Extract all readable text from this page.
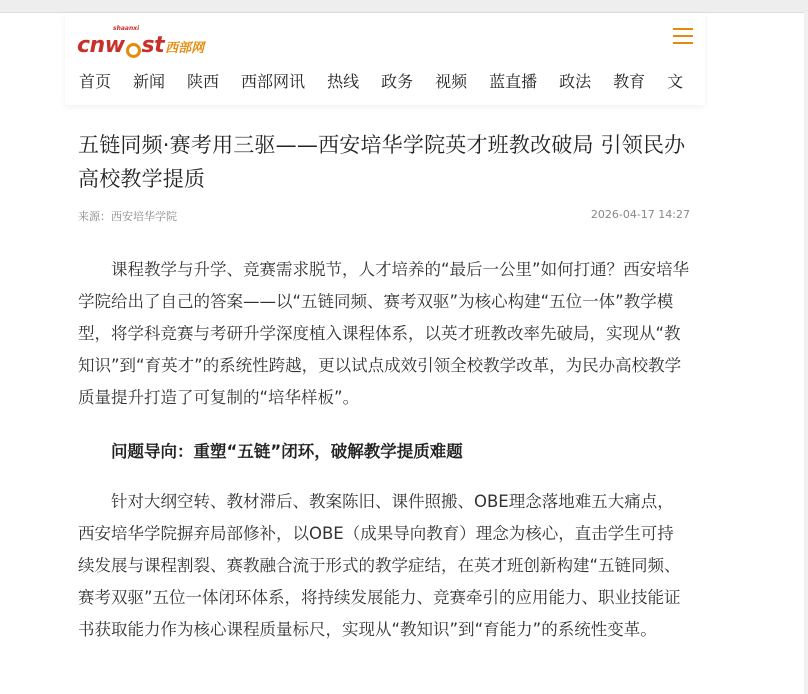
shaanxi
cnw st 西部网
首页 新闻 陕西 西部网讯 热线 政务 视频 蓝直播 政法 教育 文
五链同频·赛考用三驱——西安培华学院英才班教改破局 引领民办高校教学提质
来源：西安培华学院	2026-04-17 14:27

课程教学与升学、竞赛需求脱节，人才培养的“最后一公里”如何打通？西安培华学院给出了自己的答案——以“五链同频、赛考双驱”为核心构建“五位一体”教学模型，将学科竞赛与考研升学深度植入课程体系，以英才班教改率先破局，实现从“教知识”到“育英才”的系统性跨越，更以试点成效引领全校教学改革，为民办高校教学质量提升打造了可复制的“培华样板”。

问题导向：重塑“五链”闭环，破解教学提质难题

针对大纲空转、教材滞后、教案陈旧、课件照搬、OBE理念落地难五大痛点，西安培华学院摒弃局部修补，以OBE（成果导向教育）理念为核心，直击学生可持续发展与课程割裂、赛教融合流于形式的教学症结，在英才班创新构建“五链同频、赛考双驱”五位一体闭环体系，将持续发展能力、竞赛牵引的应用能力、职业技能证书获取能力作为核心课程质量标尺，实现从“教知识”到“育能力”的系统性变革。
